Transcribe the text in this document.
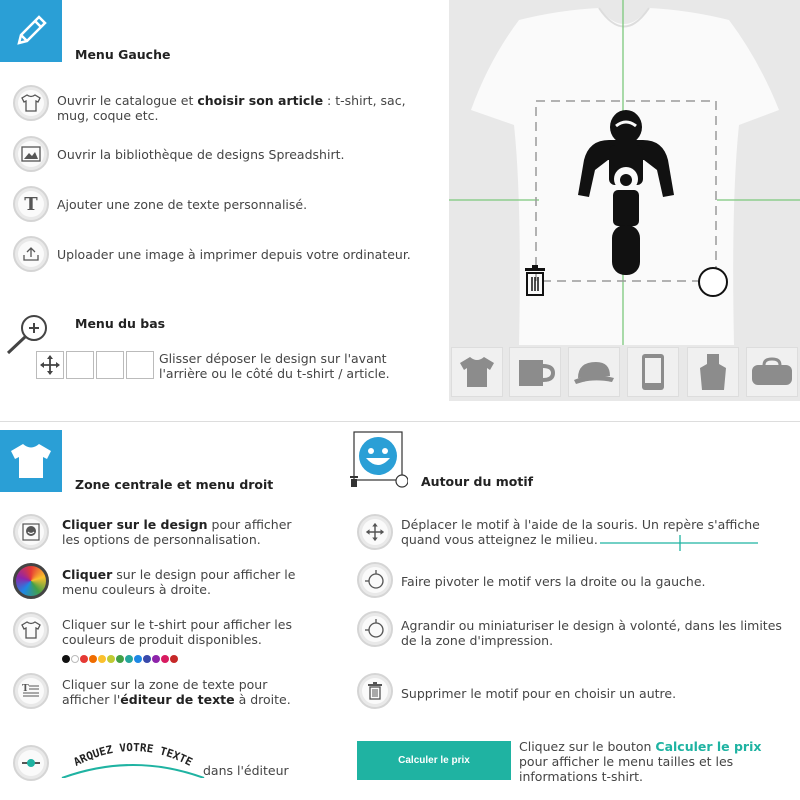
Menu Gauche
Ouvrir le catalogue et choisir son article : t-shirt, sac, mug, coque etc.
Ouvrir la bibliothèque de designs Spreadshirt.
T Ajouter une zone de texte personnalisé.
Uploader une image à imprimer depuis votre ordinateur.
Menu du bas
Glisser déposer le design sur l'avant l'arrière ou le côté du t-shirt / article.
Zone centrale et menu droit
Cliquer sur le design pour afficher les options de personnalisation.
Cliquer sur le design pour afficher le menu couleurs à droite.
Cliquer sur le t-shirt pour afficher les couleurs de produit disponibles.
T	Cliquer sur la zone de texte pour afficher l'éditeur de texte à droite.
ARQUEZ VOTRE TEXTE
dans l'éditeur
Autour du motif
Déplacer le motif à l'aide de la souris. Un repère s'affiche quand vous atteignez le milieu.
Faire pivoter le motif vers la droite ou la gauche.
Agrandir ou miniaturiser le design à volonté, dans les limites de la zone d'impression.
Supprimer le motif pour en choisir un autre.
Calculer le prix
Cliquez sur le bouton Calculer le prix pour afficher le menu tailles et les informations t-shirt.
